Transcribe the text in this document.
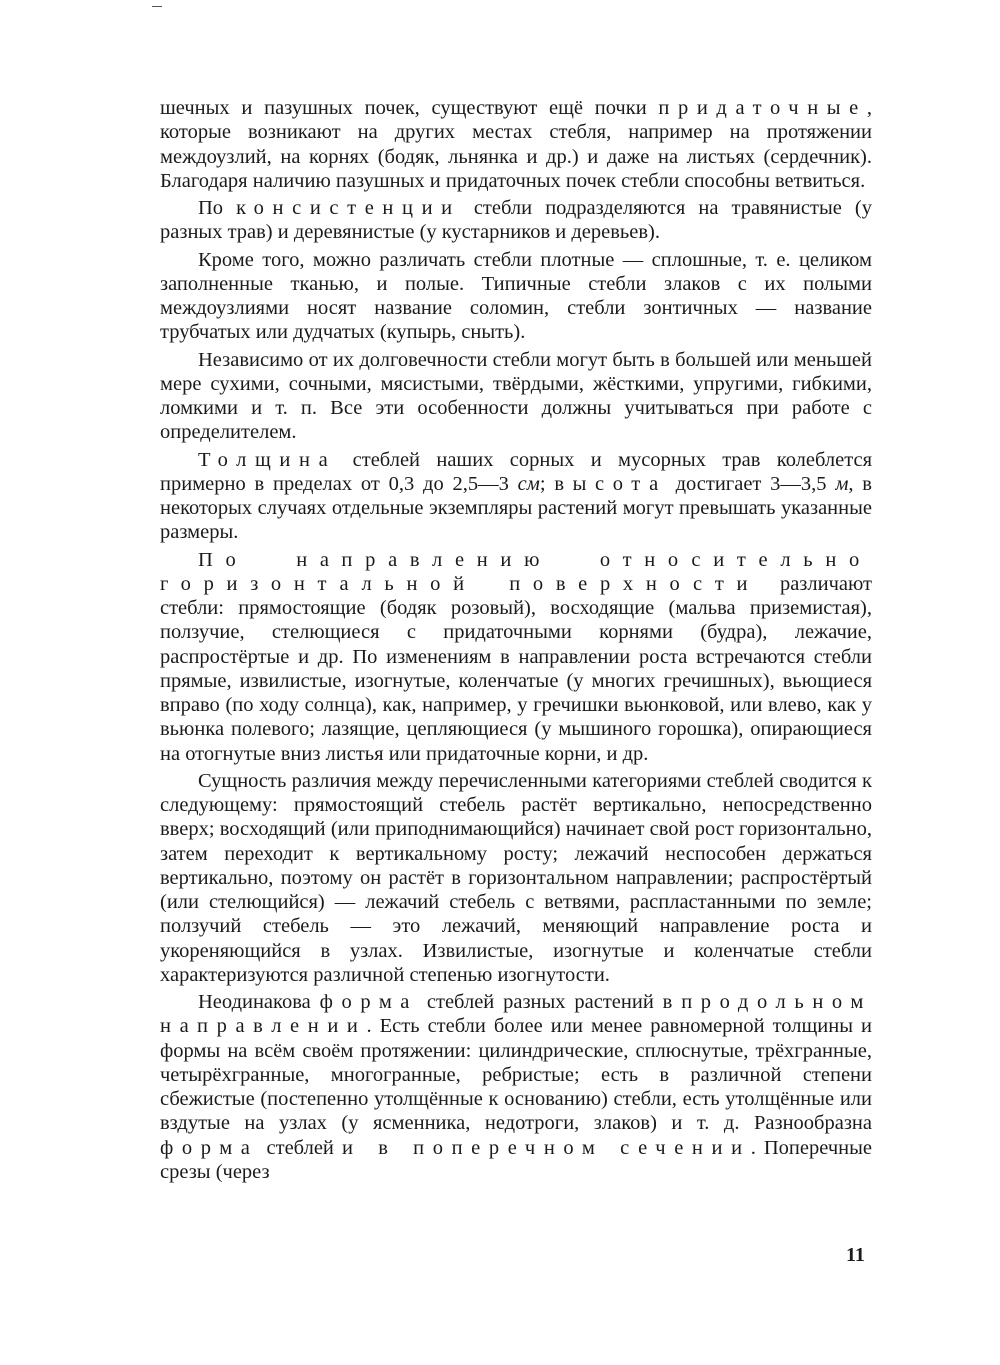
шечных и пазушных почек, существуют ещё почки придаточные, которые возникают на других местах стебля, например на протяжении междоузлий, на корнях (бодяк, льнянка и др.) и даже на листьях (сердечник). Благодаря наличию пазушных и придаточных почек стебли способны ветвиться.

По консистенции стебли подразделяются на травянистые (у разных трав) и деревянистые (у кустарников и деревьев).

Кроме того, можно различать стебли плотные — сплошные, т. е. целиком заполненные тканью, и полые. Типичные стебли злаков с их полыми междоузлиями носят название соломин, стебли зонтичных — название трубчатых или дудчатых (купырь, сныть).

Независимо от их долговечности стебли могут быть в большей или меньшей мере сухими, сочными, мясистыми, твёрдыми, жёсткими, упругими, гибкими, ломкими и т. п. Все эти особенности должны учитываться при работе с определителем.

Толщина стеблей наших сорных и мусорных трав колеблется примерно в пределах от 0,3 до 2,5—3 см; высота достигает 3—3,5 м, в некоторых случаях отдельные экземпляры растений могут превышать указанные размеры.

По направлению относительно горизонтальной поверхности различают стебли: прямостоящие (бодяк розовый), восходящие (мальва приземистая), ползучие, стелющиеся с придаточными корнями (будра), лежачие, распростёртые и др. По изменениям в направлении роста встречаются стебли прямые, извилистые, изогнутые, коленчатые (у многих гречишных), вьющиеся вправо (по ходу солнца), как, например, у гречишки вьюнковой, или влево, как у вьюнка полевого; лазящие, цепляющиеся (у мышиного горошка), опирающиеся на отогнутые вниз листья или придаточные корни, и др.

Сущность различия между перечисленными категориями стеблей сводится к следующему: прямостоящий стебель растёт вертикально, непосредственно вверх; восходящий (или приподнимающийся) начинает свой рост горизонтально, затем переходит к вертикальному росту; лежачий неспособен держаться вертикально, поэтому он растёт в горизонтальном направлении; распростёртый (или стелющийся) — лежачий стебель с ветвями, распластанными по земле; ползучий стебель — это лежачий, меняющий направление роста и укореняющийся в узлах. Извилистые, изогнутые и коленчатые стебли характеризуются различной степенью изогнутости.

Неодинакова форма стеблей разных растений в продольном направлении. Есть стебли более или менее равномерной толщины и формы на всём своём протяжении: цилиндрические, сплюснутые, трёхгранные, четырёхгранные, многогранные, ребристые; есть в различной степени сбежистые (постепенно утолщённые к основанию) стебли, есть утолщённые или вздутые на узлах (у ясменника, недотроги, злаков) и т. д. Разнообразна форма стеблей и в поперечном сечении. Поперечные срезы (через

11
